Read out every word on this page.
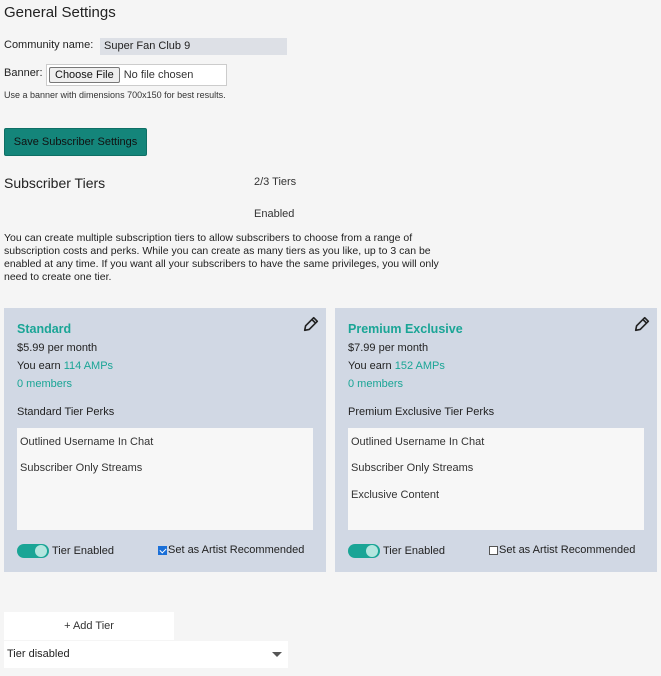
General Settings
Community name: Super Fan Club 9
Banner:	Choose File No file chosen
Use a banner with dimensions 700x150 for best results.
Save Subscriber Settings
Subscriber Tiers	2/3 Tiers
Enabled
You can create multiple subscription tiers to allow subscribers to choose from a range of subscription costs and perks. While you can create as many tiers as you like, up to 3 can be enabled at any time. If you want all your subscribers to have the same privileges, you will only need to create one tier.
Standard
$5.99 per month
You earn 114 AMPs
0 members
Standard Tier Perks
Outlined Username In Chat
Subscriber Only Streams
Tier Enabled	Set as Artist Recommended
Premium Exclusive
$7.99 per month
You earn 152 AMPs
0 members
Premium Exclusive Tier Perks
Outlined Username In Chat
Subscriber Only Streams
Exclusive Content
Tier Enabled	Set as Artist Recommended
+ Add Tier
Tier disabled
